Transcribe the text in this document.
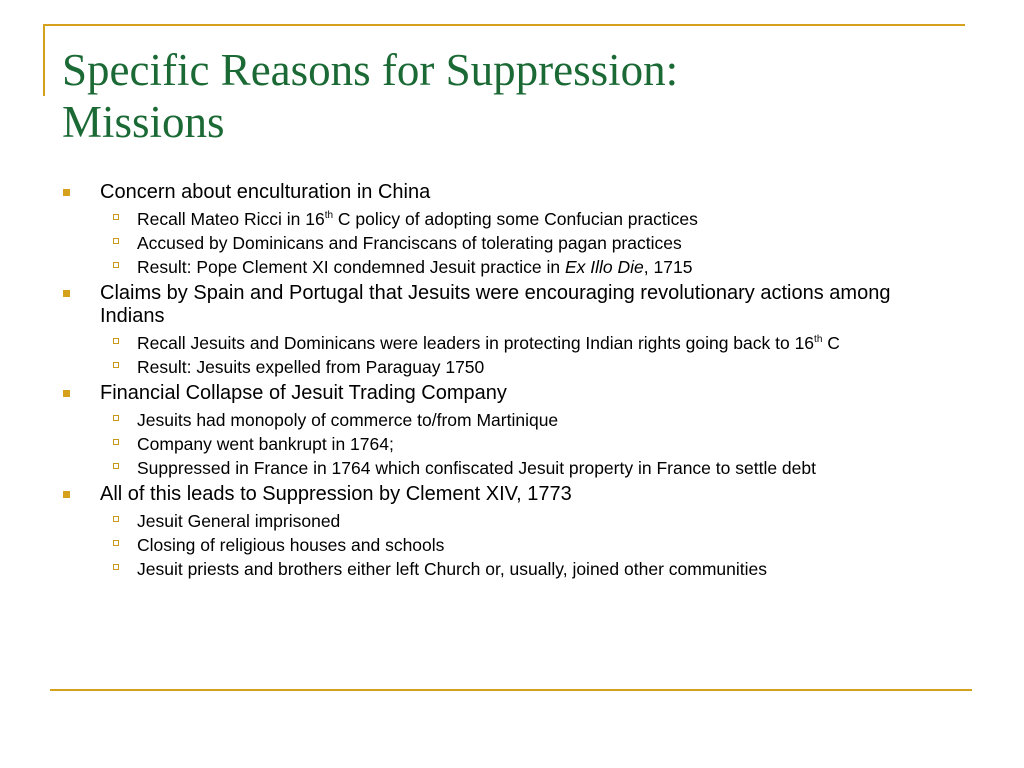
Specific Reasons for Suppression:
Missions
Concern about enculturation in China
Recall Mateo Ricci in 16th C policy of adopting some Confucian practices
Accused by Dominicans and Franciscans of tolerating pagan practices
Result: Pope Clement XI condemned Jesuit practice in Ex Illo Die, 1715
Claims by Spain and Portugal that Jesuits were encouraging revolutionary actions among Indians
Recall Jesuits and Dominicans were leaders in protecting Indian rights going back to 16th C
Result: Jesuits expelled from Paraguay 1750
Financial Collapse of Jesuit Trading Company
Jesuits had monopoly of commerce to/from Martinique
Company went bankrupt in 1764;
Suppressed in France in 1764 which confiscated Jesuit property in France to settle debt
All of this leads to Suppression by Clement XIV, 1773
Jesuit General imprisoned
Closing of religious houses and schools
Jesuit priests and brothers either left Church or, usually, joined other communities
